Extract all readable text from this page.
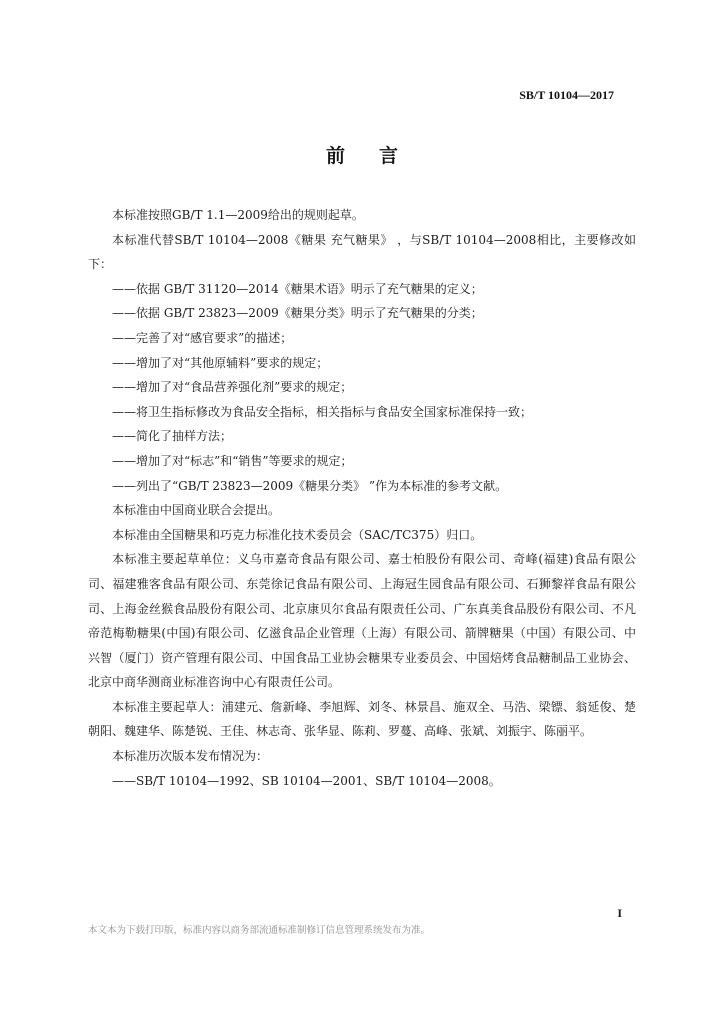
SB/T 10104—2017
前言

本标准按照GB/T 1.1—2009给出的规则起草。

本标准代替SB/T 10104—2008《糖果 充气糖果》 ，与SB/T 10104—2008相比，主要修改如下：

——依据 GB/T 31120—2014《糖果术语》明示了充气糖果的定义；

——依据 GB/T 23823—2009《糖果分类》明示了充气糖果的分类；

——完善了对“感官要求”的描述；

——增加了对“其他原辅料”要求的规定；

——增加了对“食品营养强化剂”要求的规定；

——将卫生指标修改为食品安全指标，相关指标与食品安全国家标准保持一致；

——简化了抽样方法；

——增加了对“标志”和“销售”等要求的规定；

——列出了“GB/T 23823—2009《糖果分类》 ”作为本标准的参考文献。

本标准由中国商业联合会提出。

本标准由全国糖果和巧克力标准化技术委员会（SAC/TC375）归口。

本标准主要起草单位：义乌市嘉奇食品有限公司、嘉士柏股份有限公司、奇峰(福建)食品有限公司、福建雅客食品有限公司、东莞徐记食品有限公司、上海冠生园食品有限公司、石狮黎祥食品有限公司、上海金丝猴食品股份有限公司、北京康贝尔食品有限责任公司、广东真美食品股份有限公司、不凡帝范梅勒糖果(中国)有限公司、亿滋食品企业管理（上海）有限公司、箭牌糖果（中国）有限公司、中兴智（厦门）资产管理有限公司、中国食品工业协会糖果专业委员会、中国焙烤食品糖制品工业协会、北京中商华测商业标准咨询中心有限责任公司。

本标准主要起草人：浦建元、詹新峰、李旭辉、刘冬、林景昌、施双全、马浩、梁镖、翁延俊、楚朝阳、魏建华、陈楚锐、王佳、林志奇、张华显、陈莉、罗蔓、高峰、张斌、刘振宇、陈丽平。

本标准历次版本发布情况为：

——SB/T 10104—1992、SB 10104—2001、SB/T 10104—2008。

I
本文本为下载打印版，标准内容以商务部流通标准制修订信息管理系统发布为准。
